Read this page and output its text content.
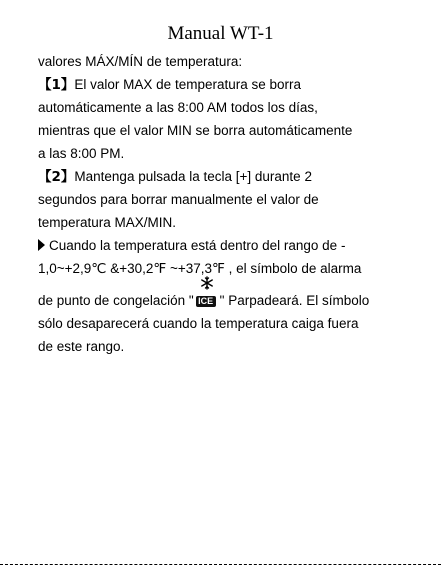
Manual WT-1
valores MÁX/MÍN de temperatura:
【1】El valor MAX de temperatura se borra
automáticamente a las 8:00 AM todos los días,
mientras que el valor MIN se borra automáticamente
a las 8:00 PM.
【2】Mantenga pulsada la tecla [+] durante 2
segundos para borrar manualmente el valor de
temperatura MAX/MIN.
Cuando la temperatura está dentro del rango de -
1,0~+2,9℃ &+30,2℉ ~+37,3℉ , el símbolo de alarma
de punto de congelación " ICE " Parpadeará. El símbolo
sólo desaparecerá cuando la temperatura caiga fuera
de este rango.
